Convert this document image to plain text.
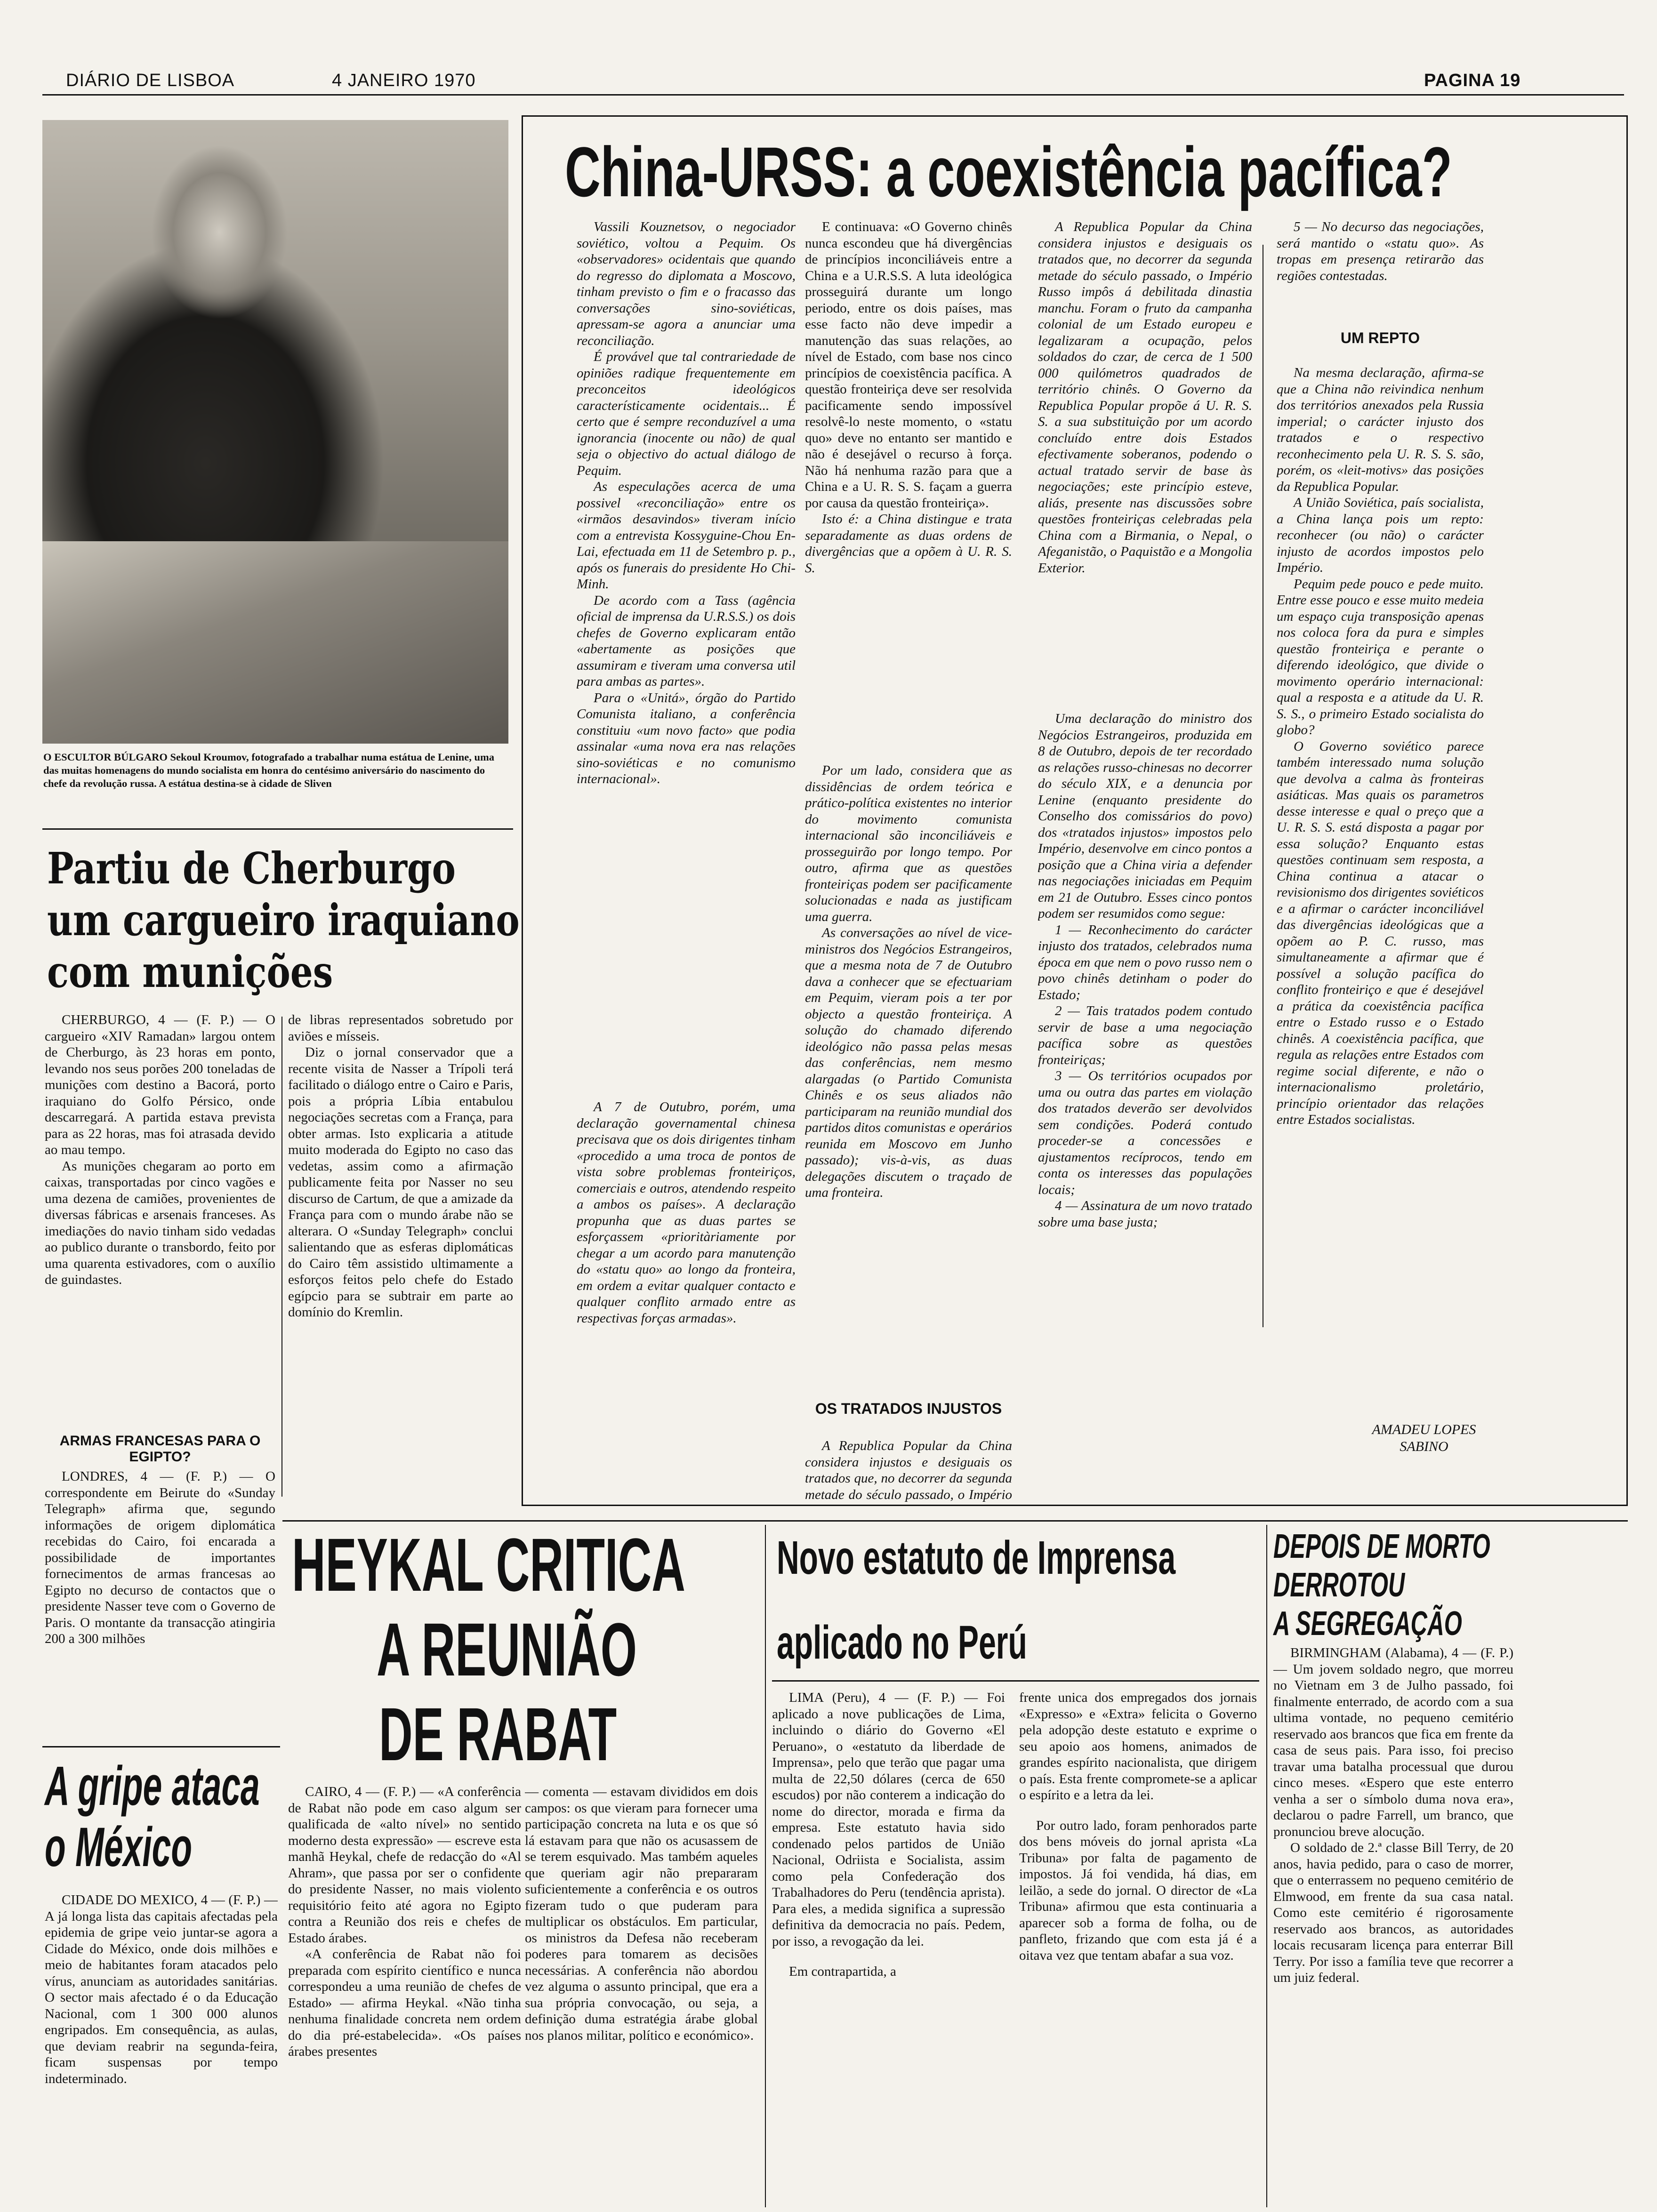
DIÁRIO DE LISBOA	4 JANEIRO 1970	PAGINA 19

O ESCULTOR BÚLGARO Sekoul Kroumov, fotografado a trabalhar numa estátua de Lenine, uma das muitas homenagens do mundo socialista em honra do centésimo aniversário do nascimento do chefe da revolução russa. A estátua destina-se à cidade de Sliven

China-URSS: a coexistência pacífica?

Vassili Kouznetsov, o negociador soviético, voltou a Pequim. Os «observadores» ocidentais que quando do regresso do diplomata a Moscovo, tinham previsto o fim e o fracasso das conversações sino-soviéticas, apressam-se agora a anunciar uma reconciliação.

É provável que tal contrariedade de opiniões radique frequentemente em preconceitos ideológicos característicamente ocidentais... É certo que é sempre reconduzível a uma ignorancia (inocente ou não) de qual seja o objectivo do actual diálogo de Pequim.

As especulações acerca de uma possivel «reconciliação» entre os «irmãos desavindos» tiveram início com a entrevista Kossyguine-Chou En-Lai, efectuada em 11 de Setembro p. p., após os funerais do presidente Ho Chi-Minh.

De acordo com a Tass (agência oficial de imprensa da U.R.S.S.) os dois chefes de Governo explicaram então «abertamente as posições que assumiram e tiveram uma conversa util para ambas as partes».

Para o «Unitá», órgão do Partido Comunista italiano, a conferência constituiu «um novo facto» que podia assinalar «uma nova era nas relações sino-soviéticas e no comunismo internacional».

A 7 de Outubro, porém, uma declaração governamental chinesa precisava que os dois dirigentes tinham «procedido a uma troca de pontos de vista sobre problemas fronteiriços, comerciais e outros, atendendo respeito a ambos os países». A declaração propunha que as duas partes se esforçassem «prioritàriamente por chegar a um acordo para manutenção do «statu quo» ao longo da fronteira, em ordem a evitar qualquer contacto e qualquer conflito armado entre as respectivas forças armadas».

E continuava: «O Governo chinês nunca escondeu que há divergências de princípios inconciliáveis entre a China e a U.R.S.S. A luta ideológica prosseguirá durante um longo periodo, entre os dois países, mas esse facto não deve impedir a manutenção das suas relações, ao nível de Estado, com base nos cinco princípios de coexistência pacífica. A questão fronteiriça deve ser resolvida pacificamente sendo impossível resolvê-lo neste momento, o «statu quo» deve no entanto ser mantido e não é desejável o recurso à força. Não há nenhuma razão para que a China e a U. R. S. S. façam a guerra por causa da questão fronteiriça».

Isto é: a China distingue e trata separadamente as duas ordens de divergências que a opõem à U. R. S. S.

Por um lado, considera que as dissidências de ordem teórica e prático-política existentes no interior do movimento comunista internacional são inconciliáveis e prosseguirão por longo tempo. Por outro, afirma que as questões fronteiriças podem ser pacificamente solucionadas e nada as justificam uma guerra.

As conversações ao nível de vice-ministros dos Negócios Estrangeiros, que a mesma nota de 7 de Outubro dava a conhecer que se efectuariam em Pequim, vieram pois a ter por objecto a questão fronteiriça. A solução do chamado diferendo ideológico não passa pelas mesas das conferências, nem mesmo alargadas (o Partido Comunista Chinês e os seus aliados não participaram na reunião mundial dos partidos ditos comunistas e operários reunida em Moscovo em Junho passado); vis-à-vis, as duas delegações discutem o traçado de uma fronteira.

OS TRATADOS INJUSTOS

A Republica Popular da China considera injustos e desiguais os tratados que, no decorrer da segunda metade do século passado, o Império

A Republica Popular da China considera injustos e desiguais os tratados que, no decorrer da segunda metade do século passado, o Império Russo impôs á debilitada dinastia manchu. Foram o fruto da campanha colonial de um Estado europeu e legalizaram a ocupação, pelos soldados do czar, de cerca de 1 500 000 quilómetros quadrados de território chinês. O Governo da Republica Popular propõe á U. R. S. S. a sua substituição por um acordo concluído entre dois Estados efectivamente soberanos, podendo o actual tratado servir de base às negociações; este princípio esteve, aliás, presente nas discussões sobre questões fronteiriças celebradas pela China com a Birmania, o Nepal, o Afeganistão, o Paquistão e a Mongolia Exterior.

Uma declaração do ministro dos Negócios Estrangeiros, produzida em 8 de Outubro, depois de ter recordado as relações russo-chinesas no decorrer do século XIX, e a denuncia por Lenine (enquanto presidente do Conselho dos comissários do povo) dos «tratados injustos» impostos pelo Império, desenvolve em cinco pontos a posição que a China viria a defender nas negociações iniciadas em Pequim em 21 de Outubro. Esses cinco pontos podem ser resumidos como segue:

1 — Reconhecimento do carácter injusto dos tratados, celebrados numa época em que nem o povo russo nem o povo chinês detinham o poder do Estado;

2 — Tais tratados podem contudo servir de base a uma negociação pacífica sobre as questões fronteiriças;

3 — Os territórios ocupados por uma ou outra das partes em violação dos tratados deverão ser devolvidos sem condições. Poderá contudo proceder-se a concessões e ajustamentos recíprocos, tendo em conta os interesses das populações locais;

4 — Assinatura de um novo tratado sobre uma base justa;

5 — No decurso das negociações, será mantido o «statu quo». As tropas em presença retirarão das regiões contestadas.

UM REPTO

Na mesma declaração, afirma-se que a China não reivindica nenhum dos territórios anexados pela Russia imperial; o carácter injusto dos tratados e o respectivo reconhecimento pela U. R. S. S. são, porém, os «leit-motivs» das posições da Republica Popular.

A União Soviética, país socialista, a China lança pois um repto: reconhecer (ou não) o carácter injusto de acordos impostos pelo Império.

Pequim pede pouco e pede muito. Entre esse pouco e esse muito medeia um espaço cuja transposição apenas nos coloca fora da pura e simples questão fronteiriça e perante o diferendo ideológico, que divide o movimento operário internacional: qual a resposta e a atitude da U. R. S. S., o primeiro Estado socialista do globo?

O Governo soviético parece também interessado numa solução que devolva a calma às fronteiras asiáticas. Mas quais os parametros desse interesse e qual o preço que a U. R. S. S. está disposta a pagar por essa solução? Enquanto estas questões continuam sem resposta, a China continua a atacar o revisionismo dos dirigentes soviéticos e a afirmar o carácter inconciliável das divergências ideológicas que a opõem ao P. C. russo, mas simultaneamente a afirmar que é possível a solução pacífica do conflito fronteiriço e que é desejável a prática da coexistência pacífica entre o Estado russo e o Estado chinês. A coexistência pacífica, que regula as relações entre Estados com regime social diferente, e não o internacionalismo proletário, princípio orientador das relações entre Estados socialistas.

AMADEU LOPES SABINO
Partiu de Cherburgo
um cargueiro iraquiano
com munições

CHERBURGO, 4 — (F. P.) — O cargueiro «XIV Ramadan» largou ontem de Cherburgo, às 23 horas em ponto, levando nos seus porões 200 toneladas de munições com destino a Bacorá, porto iraquiano do Golfo Pérsico, onde descarregará. A partida estava prevista para as 22 horas, mas foi atrasada devido ao mau tempo.

As munições chegaram ao porto em caixas, transportadas por cinco vagões e uma dezena de camiões, provenientes de diversas fábricas e arsenais franceses. As imediações do navio tinham sido vedadas ao publico durante o transbordo, feito por uma quarenta estivadores, com o auxílio de guindastes.

ARMAS FRANCESAS PARA O EGIPTO?

LONDRES, 4 — (F. P.) — O correspondente em Beirute do «Sunday Telegraph» afirma que, segundo informações de origem diplomática recebidas do Cairo, foi encarada a possibilidade de importantes fornecimentos de armas francesas ao Egipto no decurso de contactos que o presidente Nasser teve com o Governo de Paris. O montante da transacção atingiria 200 a 300 milhões

de libras representados sobretudo por aviões e mísseis.

Diz o jornal conservador que a recente visita de Nasser a Trípoli terá facilitado o diálogo entre o Cairo e Paris, pois a própria Líbia entabulou negociações secretas com a França, para obter armas. Isto explicaria a atitude muito moderada do Egipto no caso das vedetas, assim como a afirmação publicamente feita por Nasser no seu discurso de Cartum, de que a amizade da França para com o mundo árabe não se alterara. O «Sunday Telegraph» conclui salientando que as esferas diplomáticas do Cairo têm assistido ultimamente a esforços feitos pelo chefe do Estado egípcio para se subtrair em parte ao domínio do Kremlin.

HEYKAL CRITICA
A REUNIÃO
DE RABAT

CAIRO, 4 — (F. P.) — «A conferência de Rabat não pode em caso algum ser qualificada de «alto nível» no sentido moderno desta expressão» — escreve esta manhã Heykal, chefe de redacção do «Al Ahram», que passa por ser o confidente do presidente Nasser, no mais violento requisitório feito até agora no Egipto contra a Reunião dos reis e chefes de Estado árabes.

«A conferência de Rabat não foi preparada com espírito científico e nunca correspondeu a uma reunião de chefes de Estado» — afirma Heykal. «Não tinha nenhuma finalidade concreta nem ordem do dia pré-estabelecida». «Os países árabes presentes

— comenta — estavam divididos em dois campos: os que vieram para fornecer uma participação concreta na luta e os que só lá estavam para que não os acusassem de se terem esquivado. Mas também aqueles que queriam agir não prepararam suficientemente a conferência e os outros fizeram tudo o que puderam para multiplicar os obstáculos. Em particular, os ministros da Defesa não receberam poderes para tomarem as decisões necessárias. A conferência não abordou vez alguma o assunto principal, que era a sua própria convocação, ou seja, a definição duma estratégia árabe global nos planos militar, político e económico».

A gripe ataca
o México

CIDADE DO MEXICO, 4 — (F. P.) — A já longa lista das capitais afectadas pela epidemia de gripe veio juntar-se agora a Cidade do México, onde dois milhões e meio de habitantes foram atacados pelo vírus, anunciam as autoridades sanitárias. O sector mais afectado é o da Educação Nacional, com 1 300 000 alunos engripados. Em consequência, as aulas, que deviam reabrir na segunda-feira, ficam suspensas por tempo indeterminado.

Novo estatuto de Imprensa
aplicado no Perú

LIMA (Peru), 4 — (F. P.) — Foi aplicado a nove publicações de Lima, incluindo o diário do Governo «El Peruano», o «estatuto da liberdade de Imprensa», pelo que terão que pagar uma multa de 22,50 dólares (cerca de 650 escudos) por não conterem a indicação do nome do director, morada e firma da empresa. Este estatuto havia sido condenado pelos partidos de União Nacional, Odriista e Socialista, assim como pela Confederação dos Trabalhadores do Peru (tendência aprista). Para eles, a medida significa a supressão definitiva da democracia no país. Pedem, por isso, a revogação da lei.

Em contrapartida, a

frente unica dos empregados dos jornais «Expresso» e «Extra» felicita o Governo pela adopção deste estatuto e exprime o seu apoio aos homens, animados de grandes espírito nacionalista, que dirigem o país. Esta frente compromete-se a aplicar o espírito e a letra da lei.

Por outro lado, foram penhorados parte dos bens móveis do jornal aprista «La Tribuna» por falta de pagamento de impostos. Já foi vendida, há dias, em leilão, a sede do jornal. O director de «La Tribuna» afirmou que esta continuaria a aparecer sob a forma de folha, ou de panfleto, frizando que com esta já é a oitava vez que tentam abafar a sua voz.

DEPOIS DE MORTO
DERROTOU
A SEGREGAÇÃO

BIRMINGHAM (Alabama), 4 — (F. P.) — Um jovem soldado negro, que morreu no Vietnam em 3 de Julho passado, foi finalmente enterrado, de acordo com a sua ultima vontade, no pequeno cemitério reservado aos brancos que fica em frente da casa de seus pais. Para isso, foi preciso travar uma batalha processual que durou cinco meses. «Espero que este enterro venha a ser o símbolo duma nova era», declarou o padre Farrell, um branco, que pronunciou breve alocução.

O soldado de 2.ª classe Bill Terry, de 20 anos, havia pedido, para o caso de morrer, que o enterrassem no pequeno cemitério de Elmwood, em frente da sua casa natal. Como este cemitério é rigorosamente reservado aos brancos, as autoridades locais recusaram licença para enterrar Bill Terry. Por isso a família teve que recorrer a um juiz federal.
